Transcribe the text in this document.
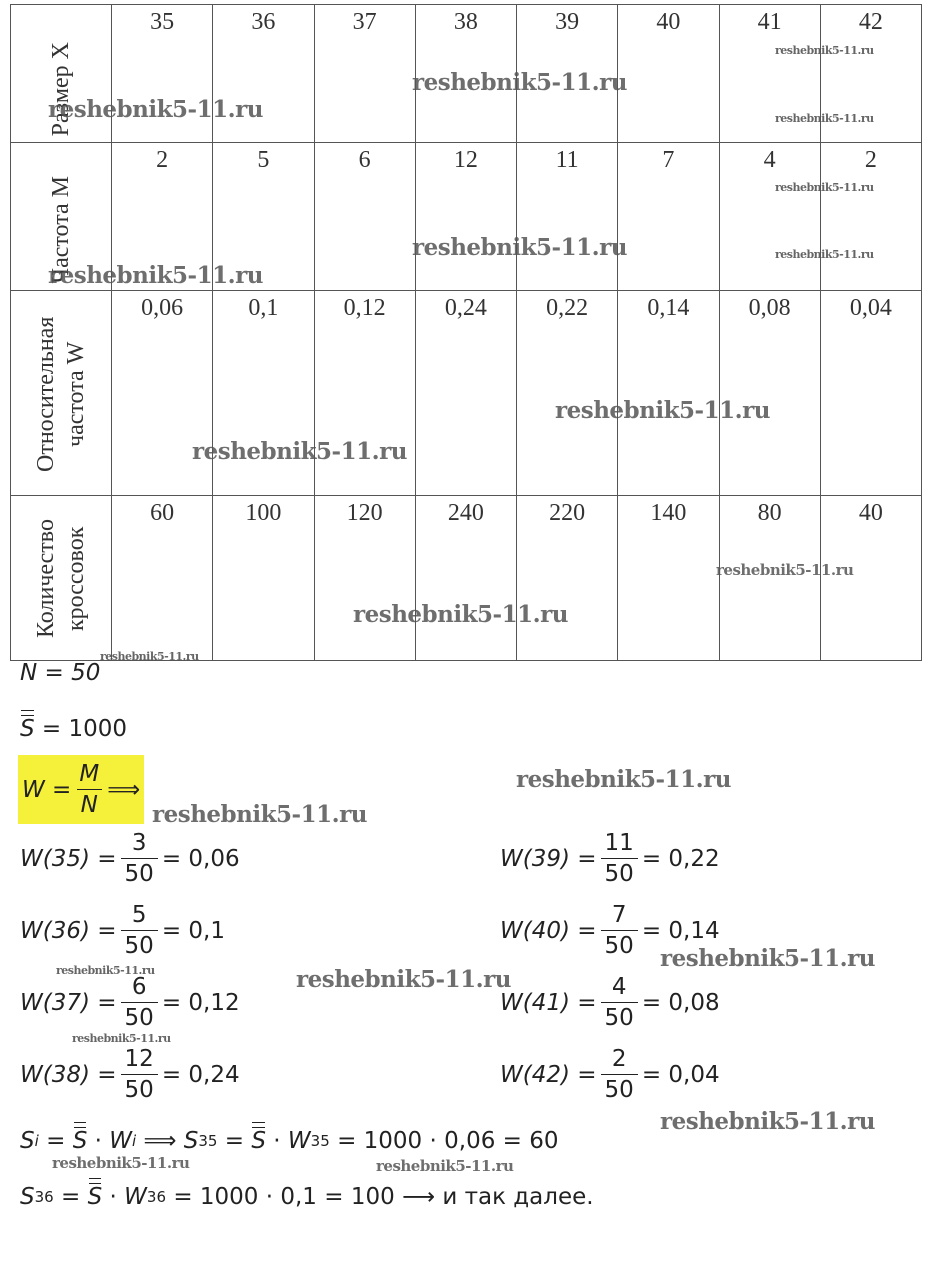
Размер X	35	36	37	38	39	40	41	42

Частота M	2	5	6	12	11	7	4	2

Относительная частота W	0,06	0,1	0,12	0,24	0,22	0,14	0,08	0,04

Количество кроссовок	60	100	120	240	220	140	80	40
reshebnik5-11.ru
reshebnik5-11.ru
reshebnik5-11.ru
reshebnik5-11.ru
reshebnik5-11.ru
reshebnik5-11.ru
reshebnik5-11.ru
reshebnik5-11.ru
reshebnik5-11.ru
reshebnik5-11.ru
reshebnik5-11.ru
reshebnik5-11.ru
reshebnik5-11.ru
reshebnik5-11.ru
reshebnik5-11.ru
reshebnik5-11.ru
reshebnik5-11.ru
reshebnik5-11.ru
reshebnik5-11.ru
reshebnik5-11.ru
reshebnik5-11.ru	reshebnik5-11.ru
N = 50
S
= 1000
$W = \frac{M}{N}$ ⟹
$W(35) = \frac{3}{50} = 0,06$
$W(36) = \frac{5}{50} = 0,1$
$W(37) = \frac{6}{50} = 0,12$
$W(38) = \frac{12}{50} = 0,24$
$W(39) = \frac{11}{50} = 0,22$
$W(40) = \frac{7}{50} = 0,14$
$W(41) = \frac{4}{50} = 0,08$
$W(42) = \frac{2}{50} = 0,04$
S i
=
S
·
W i
⟹
S 35
=
S
·
W 35
= 1000 · 0,06 = 60
S 36
=
S
·
W 36
= 1000 · 0,1 = 100 ⟶ и так далее.
